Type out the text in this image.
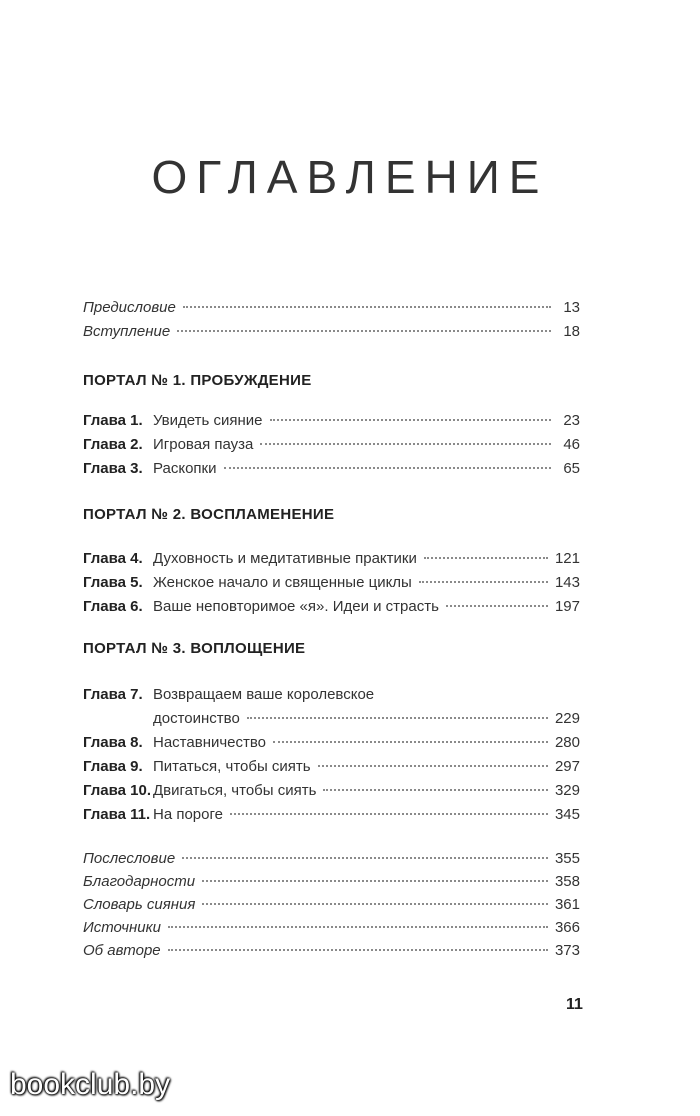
ОГЛАВЛЕНИЕ
Предисловие	13
Вступление	18
ПОРТАЛ № 1. ПРОБУЖДЕНИЕ
Глава 1. Увидеть сияние	23
Глава 2. Игровая пауза	46
Глава 3. Раскопки	65
ПОРТАЛ № 2. ВОСПЛАМЕНЕНИЕ
Глава 4. Духовность и медитативные практики	121
Глава 5. Женское начало и священные циклы	143
Глава 6. Ваше неповторимое «я». Идеи и страсть	197
ПОРТАЛ № 3. ВОПЛОЩЕНИЕ
Глава 7. Возвращаем ваше королевское
достоинство	229
Глава 8. Наставничество	280
Глава 9. Питаться, чтобы сиять	297
Глава 10. Двигаться, чтобы сиять	329
Глава 11. На пороге	345
Послесловие	355
Благодарности	358
Словарь сияния	361
Источники	366
Об авторе	373
11
bookclub.by
